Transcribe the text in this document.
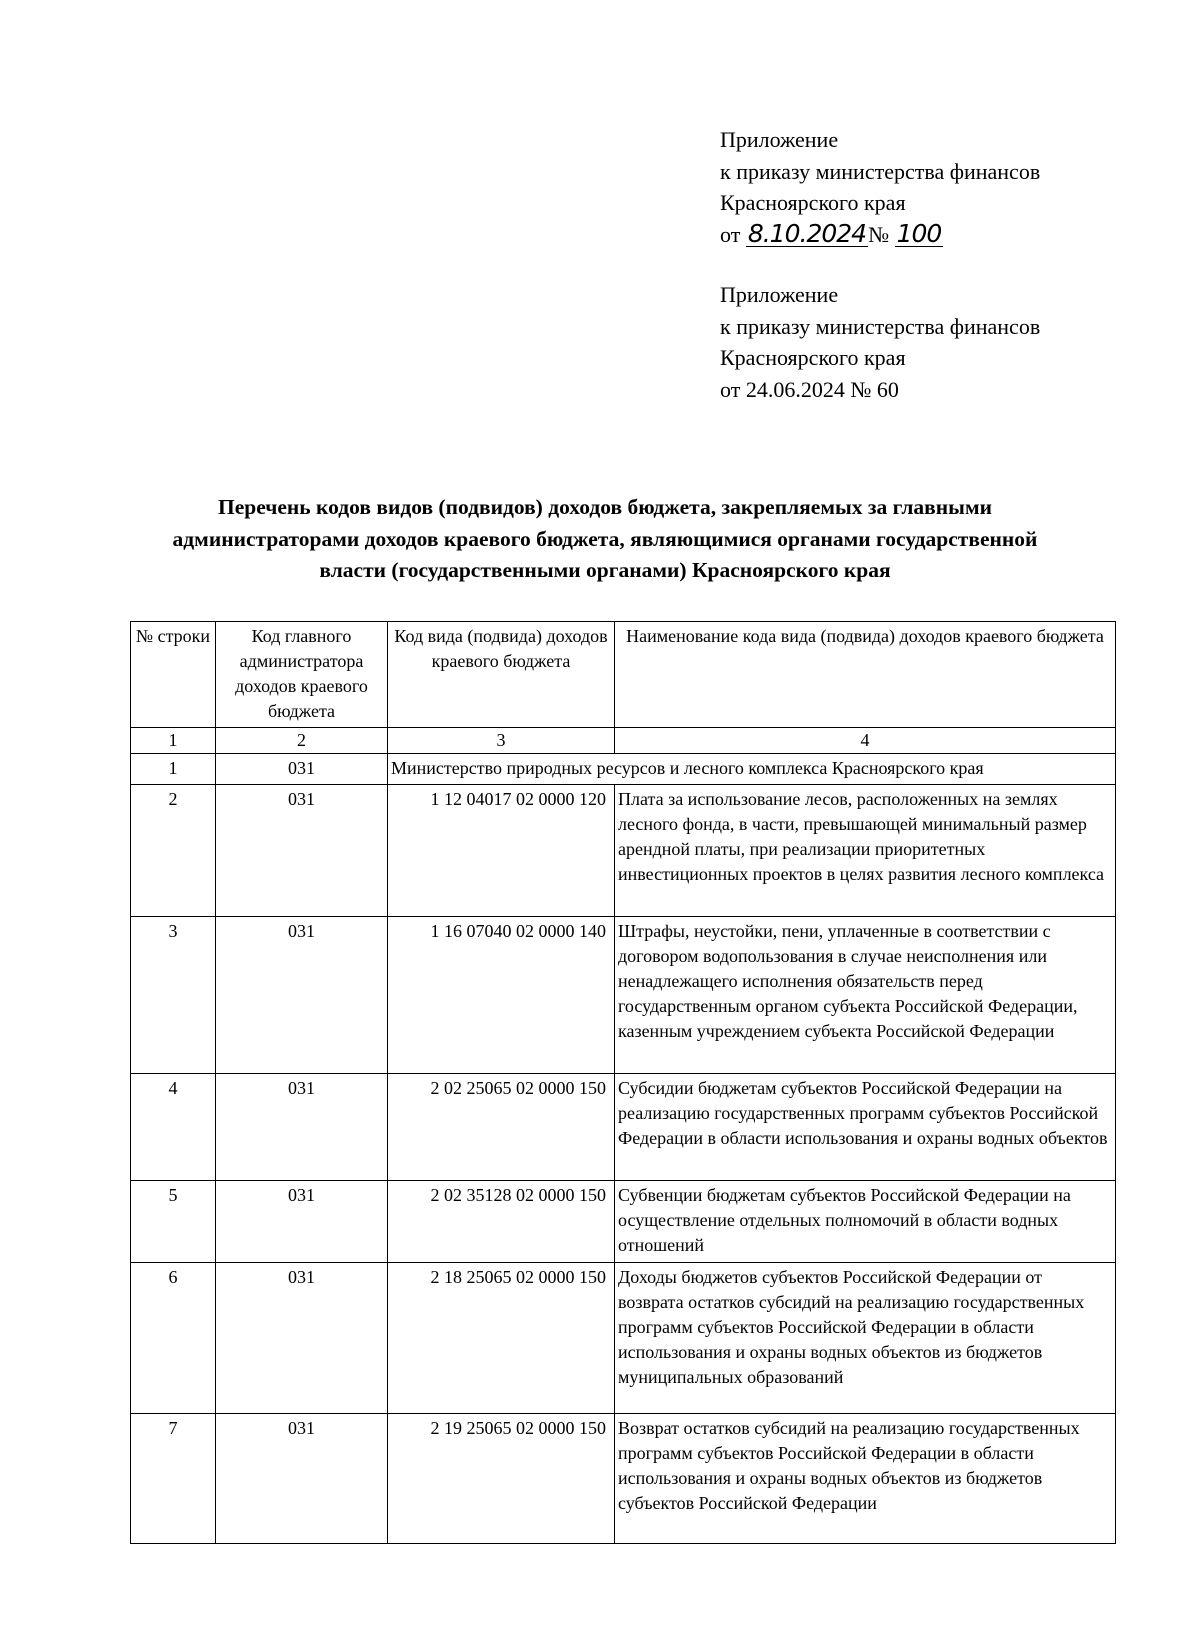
Приложение
к приказу министерства финансов
Красноярского края
от 8.10.2024№ 100
Приложение
к приказу министерства финансов
Красноярского края
от 24.06.2024 № 60
Перечень кодов видов (подвидов) доходов бюджета, закрепляемых за главными
администраторами доходов краевого бюджета, являющимися органами государственной
власти (государственными органами) Красноярского края
№ строки	Код главного администратора доходов краевого бюджета	Код вида (подвида) доходов краевого бюджета	Наименование кода вида (подвида) доходов краевого бюджета
1	2	3	4
1	031	Министерство природных ресурсов и лесного комплекса Красноярского края	
2	031	1 12 04017 02 0000 120	Плата за использование лесов, расположенных на землях лесного фонда, в части, превышающей минимальный размер арендной платы, при реализации приоритетных инвестиционных проектов в целях развития лесного комплекса
3	031	1 16 07040 02 0000 140	Штрафы, неустойки, пени, уплаченные в соответствии с договором водопользования в случае неисполнения или ненадлежащего исполнения обязательств перед государственным органом субъекта Российской Федерации, казенным учреждением субъекта Российской Федерации
4	031	2 02 25065 02 0000 150	Субсидии бюджетам субъектов Российской Федерации на реализацию государственных программ субъектов Российской Федерации в области использования и охраны водных объектов
5	031	2 02 35128 02 0000 150	Субвенции бюджетам субъектов Российской Федерации на осуществление отдельных полномочий в области водных отношений
6	031	2 18 25065 02 0000 150	Доходы бюджетов субъектов Российской Федерации от возврата остатков субсидий на реализацию государственных программ субъектов Российской Федерации в области использования и охраны водных объектов из бюджетов муниципальных образований
7	031	2 19 25065 02 0000 150	Возврат остатков субсидий на реализацию государственных программ субъектов Российской Федерации в области использования и охраны водных объектов из бюджетов субъектов Российской Федерации
